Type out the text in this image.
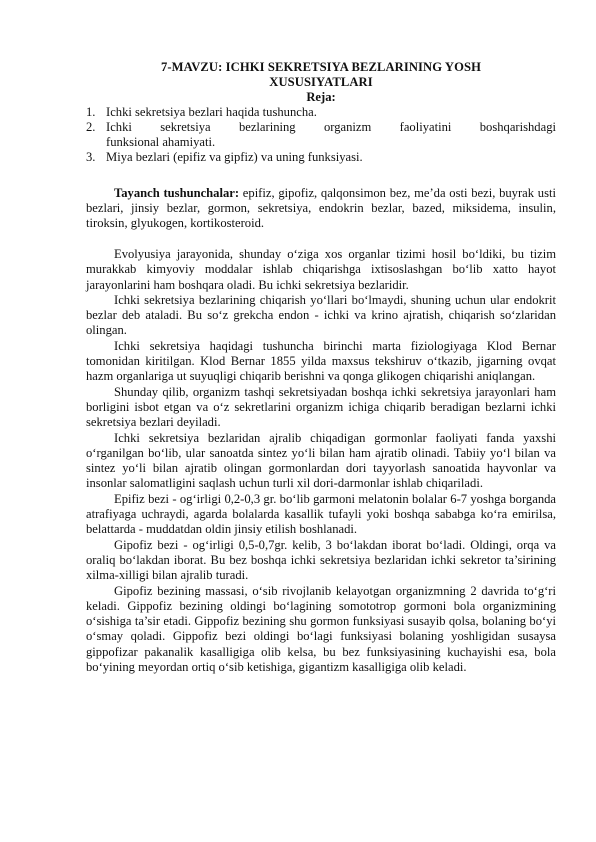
7-MAVZU: ICHKI SEKRETSIYA BEZLARINING YOSH
XUSUSIYATLARI
Reja:
1. Ichki sekretsiya bezlari haqida tushuncha.
2. Ichki sekretsiya bezlarining organizm faoliyatini boshqarishdagi
funksional ahamiyati.
3. Miya bezlari (epifiz va gipfiz) va uning funksiyasi.

Tayanch tushunchalar: epifiz, gipofiz, qalqonsimon bez, me’da osti bezi, buyrak usti bezlari, jinsiy bezlar, gormon, sekretsiya, endokrin bezlar, bazed, miksidema, insulin, tiroksin, glyukogen, kortikosteroid.

Evolyusiya jarayonida, shunday o‘ziga xos organlar tizimi hosil bo‘ldiki, bu tizim murakkab kimyoviy moddalar ishlab chiqarishga ixtisoslashgan bo‘lib xatto hayot jarayonlarini ham boshqara oladi. Bu ichki sekretsiya bezlaridir.

Ichki sekretsiya bezlarining chiqarish yo‘llari bo‘lmaydi, shuning uchun ular endokrit bezlar deb ataladi. Bu so‘z grekcha endon - ichki va krino ajratish, chiqarish so‘zlaridan olingan.

Ichki sekretsiya haqidagi tushuncha birinchi marta fiziologiyaga Klod Bernar tomonidan kiritilgan. Klod Bernar 1855 yilda maxsus tekshiruv o‘tkazib, jigarning ovqat hazm organlariga ut suyuqligi chiqarib berishni va qonga glikogen chiqarishi aniqlangan.

Shunday qilib, organizm tashqi sekretsiyadan boshqa ichki sekretsiya jarayonlari ham borligini isbot etgan va o‘z sekretlarini organizm ichiga chiqarib beradigan bezlarni ichki sekretsiya bezlari deyiladi.

Ichki sekretsiya bezlaridan ajralib chiqadigan gormonlar faoliyati fanda yaxshi o‘rganilgan bo‘lib, ular sanoatda sintez yo‘li bilan ham ajratib olinadi. Tabiiy yo‘l bilan va sintez yo‘li bilan ajratib olingan gormonlardan dori tayyorlash sanoatida hayvonlar va insonlar salomatligini saqlash uchun turli xil dori-darmonlar ishlab chiqariladi.

Epifiz bezi - og‘irligi 0,2-0,3 gr. bo‘lib garmoni melatonin bolalar 6-7 yoshga borganda atrafiyaga uchraydi, agarda bolalarda kasallik tufayli yoki boshqa sababga ko‘ra emirilsa, belattarda - muddatdan oldin jinsiy etilish boshlanadi.

Gipofiz bezi - og‘irligi 0,5-0,7gr. kelib, 3 bo‘lakdan iborat bo‘ladi. Oldingi, orqa va oraliq bo‘lakdan iborat. Bu bez boshqa ichki sekretsiya bezlaridan ichki sekretor ta’sirining xilma-xilligi bilan ajralib turadi.

Gipofiz bezining massasi, o‘sib rivojlanib kelayotgan organizmning 2 davrida to‘g‘ri keladi. Gippofiz bezining oldingi bo‘lagining somototrop gormoni bola organizmining o‘sishiga ta’sir etadi. Gippofiz bezining shu gormon funksiyasi susayib qolsa, bolaning bo‘yi o‘smay qoladi. Gippofiz bezi oldingi bo‘lagi funksiyasi bolaning yoshligidan susaysa gippofizar pakanalik kasalligiga olib kelsa, bu bez funksiyasining kuchayishi esa, bola bo‘yining meyordan ortiq o‘sib ketishiga, gigantizm kasalligiga olib keladi.
